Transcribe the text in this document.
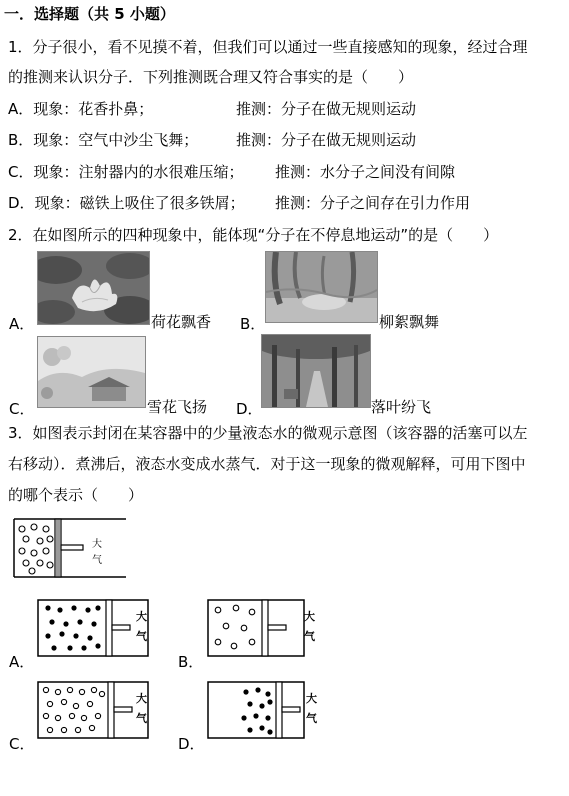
一．选择题（共 5 小题）
1．分子很小，看不见摸不着，但我们可以通过一些直接感知的现象，经过合理
的推测来认识分子．下列推测既合理又符合事实的是（　　）
A．现象：花香扑鼻；	推测：分子在做无规则运动
B．现象：空气中沙尘飞舞；	推测：分子在做无规则运动
C．现象：注射器内的水很难压缩； 推测：水分子之间没有间隙
D．现象：磁铁上吸住了很多铁屑； 推测：分子之间存在引力作用
2．在如图所示的四种现象中，能体现“分子在不停息地运动”的是（　　）
A．	荷花飘香 B．	柳絮飘舞
C．	雪花飞扬 D．	落叶纷飞
3．如图表示封闭在某容器中的少量液态水的微观示意图（该容器的活塞可以左
右移动）．煮沸后，液态水变成水蒸气．对于这一现象的微观解释，可用下图中
的哪个表示（　　）
大
气
A．
大
气
B．
大
气
C．
大
气
D．
大
气
